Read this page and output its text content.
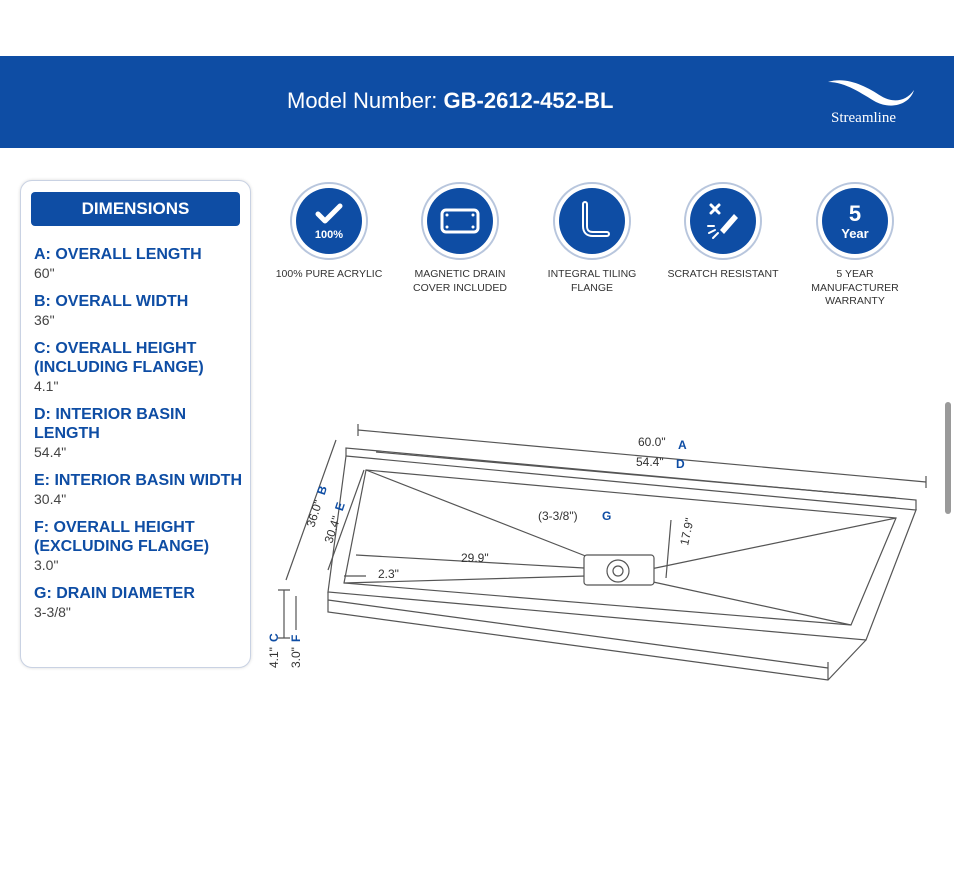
Model Number: GB-2612-452-BL
Streamline
DIMENSIONS
A: OVERALL LENGTH
60"
B: OVERALL WIDTH
36"
C: OVERALL HEIGHT (INCLUDING FLANGE)
4.1"
D: INTERIOR BASIN LENGTH
54.4"
E: INTERIOR BASIN WIDTH
30.4"
F: OVERALL HEIGHT (EXCLUDING FLANGE)
3.0"
G: DRAIN DIAMETER
3-3/8"
100%
100% PURE ACRYLIC	MAGNETIC DRAIN COVER INCLUDED
INTEGRAL TILING FLANGE
SCRATCH RESISTANT
5
Year
5 YEAR MANUFACTURER WARRANTY
60.0" A
54.4" D
36.0"
B
30.4"
E
(3-3/8") G
29.9"
2.3"
17.9"
4.1"
C
3.0"
F
